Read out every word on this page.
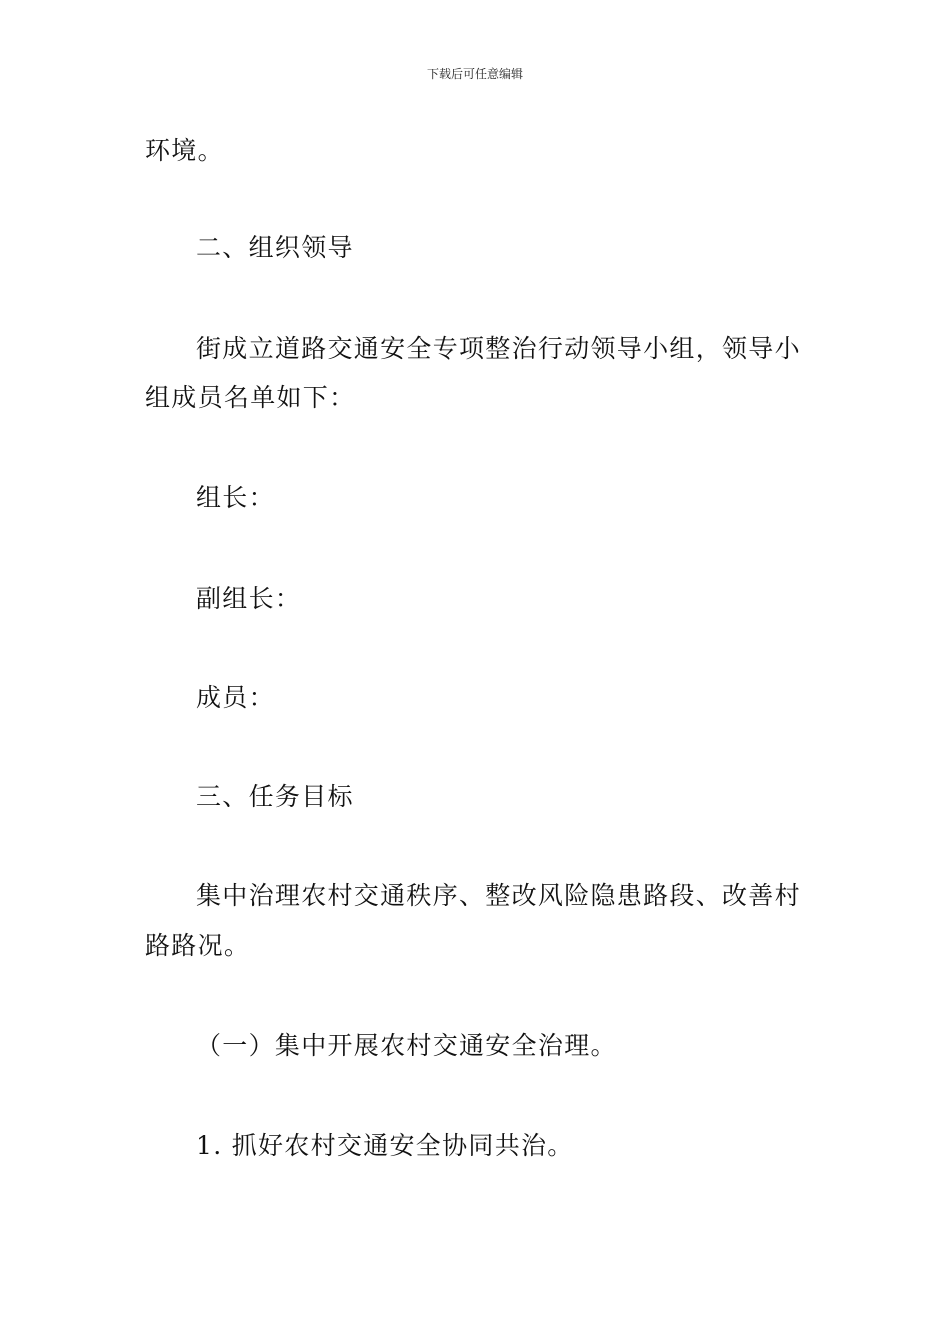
下载后可任意编辑
环境。
二、组织领导
街成立道路交通安全专项整治行动领导小组，领导小
组成员名单如下：
组长：
副组长：
成员：
三、任务目标
集中治理农村交通秩序、整改风险隐患路段、改善村
路路况。
（一）集中开展农村交通安全治理。
1. 抓好农村交通安全协同共治。
